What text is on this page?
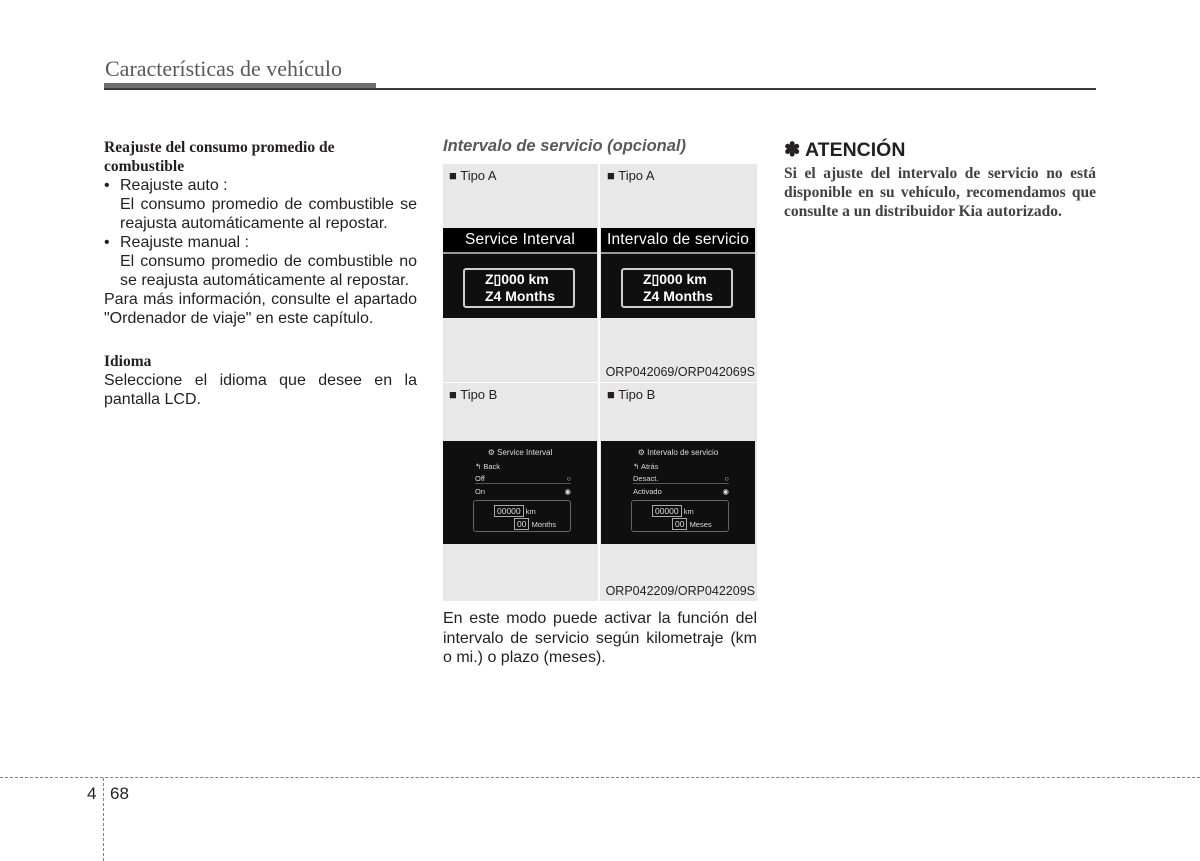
Características de vehículo
Reajuste del consumo promedio de combustible
• Reajuste auto :
El consumo promedio de combustible se reajusta automáticamente al repostar.
• Reajuste manual :
El consumo promedio de combustible no se reajusta automáticamente al repostar.
Para más información, consulte el apartado "Ordenador de viaje" en este capítulo.
Idioma
Seleccione el idioma que desee en la pantalla LCD.
Intervalo de servicio (opcional)
■ Tipo A	■ Tipo A
Service Interval
Z▯000 km
Z4 Months
Intervalo de servicio
Z▯000 km
Z4 Months
ORP042069/ORP042069S
■ Tipo B	■ Tipo B
⚙ Service Interval
↰ Back
Off	○
On	◉
00000 km
00 Months
⚙ Intervalo de servicio
↰ Atrás
Desact.	○
Activado	◉
00000 km
00 Meses
ORP042209/ORP042209S
En este modo puede activar la función del intervalo de servicio según kilometraje (km o mi.) o plazo (meses).
✽ ATENCIÓN
Si el ajuste del intervalo de servicio no está disponible en su vehículo, recomendamos que consulte a un distribuidor Kia autorizado.
4 68
